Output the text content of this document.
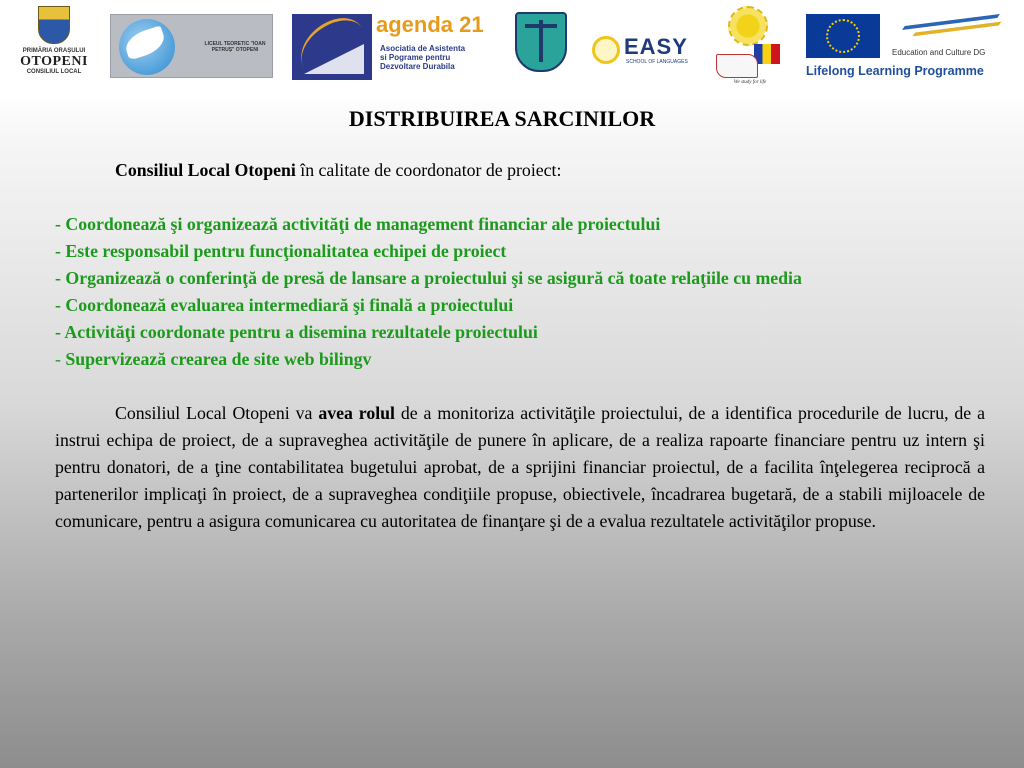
PRIMĂRIA ORAȘULUI
OTOPENI
CONSILIUL LOCAL
LICEUL TEORETIC "IOAN PETRUȘ" OTOPENI
agenda 21
Asociatia de Asistenta
si Pograme pentru
Dezvoltare Durabila
EASY
SCHOOL OF LANGUAGES
We study for life
Education and Culture DG
Lifelong Learning Programme
DISTRIBUIREA SARCINILOR

Consiliul Local Otopeni în calitate de coordonator de proiect:

- Coordonează şi organizează activităţi de management financiar ale proiectului

- Este responsabil pentru funcţionalitatea echipei de proiect

- Organizează o conferinţă de presă de lansare a proiectului şi se asigură că toate relaţiile cu media

- Coordonează evaluarea intermediară şi finală a proiectului

- Activităţi coordonate pentru a disemina rezultatele proiectului

- Supervizează crearea de site web bilingv

Consiliul Local Otopeni va avea rolul de a monitoriza activităţile proiectului, de a identifica procedurile de lucru, de a instrui echipa de proiect, de a supraveghea activităţile de punere în aplicare, de a realiza rapoarte financiare pentru uz intern şi pentru donatori, de a ţine contabilitatea bugetului aprobat, de a sprijini financiar proiectul, de a facilita înţelegerea reciprocă a partenerilor implicaţi în proiect, de a supraveghea condiţiile propuse, obiectivele, încadrarea bugetară, de a stabili mijloacele de comunicare, pentru a asigura comunicarea cu autoritatea de finanţare şi de a evalua rezultatele activităţilor propuse.
